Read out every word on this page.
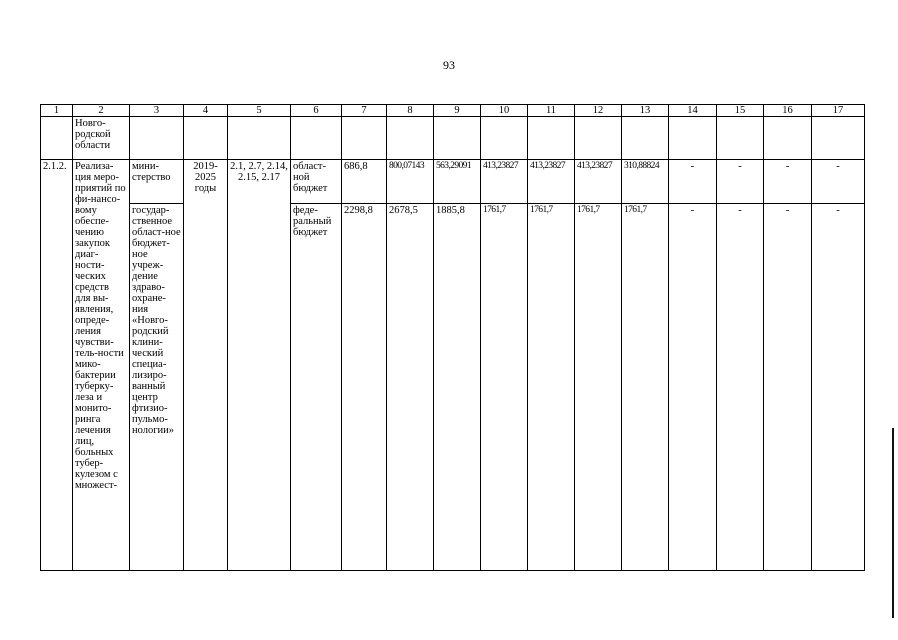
93
1	2	3	4	5	6	7	8	9	10	11	12	13	14	15	16	17
	Новго-родской области															
2.1.2.	Реализа-ция меро-приятий по фи-нансо-вому обеспе-чению закупок диаг-ности-ческих средств для вы-явления, опреде-ления чувстви-тель-ности мико-бактерии туберку-леза и монито-ринга лечения лиц, больных тубер-кулезом с множест-	мини-стерство	2019-2025 годы	2.1, 2.7, 2.14, 2.15, 2.17	област-ной бюджет	686,8	800,07143	563,29091	413,23827	413,23827	413,23827	310,88824	-	-	-	-
		государ-ственное област-ное бюджет-ное учреж-дение здраво-охране-ния «Новго-родский клини-ческий специа-лизиро-ванный центр фтизио-пульмо-нологии»			феде-ральный бюджет	2298,8	2678,5	1885,8	1761,7	1761,7	1761,7	1761,7	-	-	-	-
